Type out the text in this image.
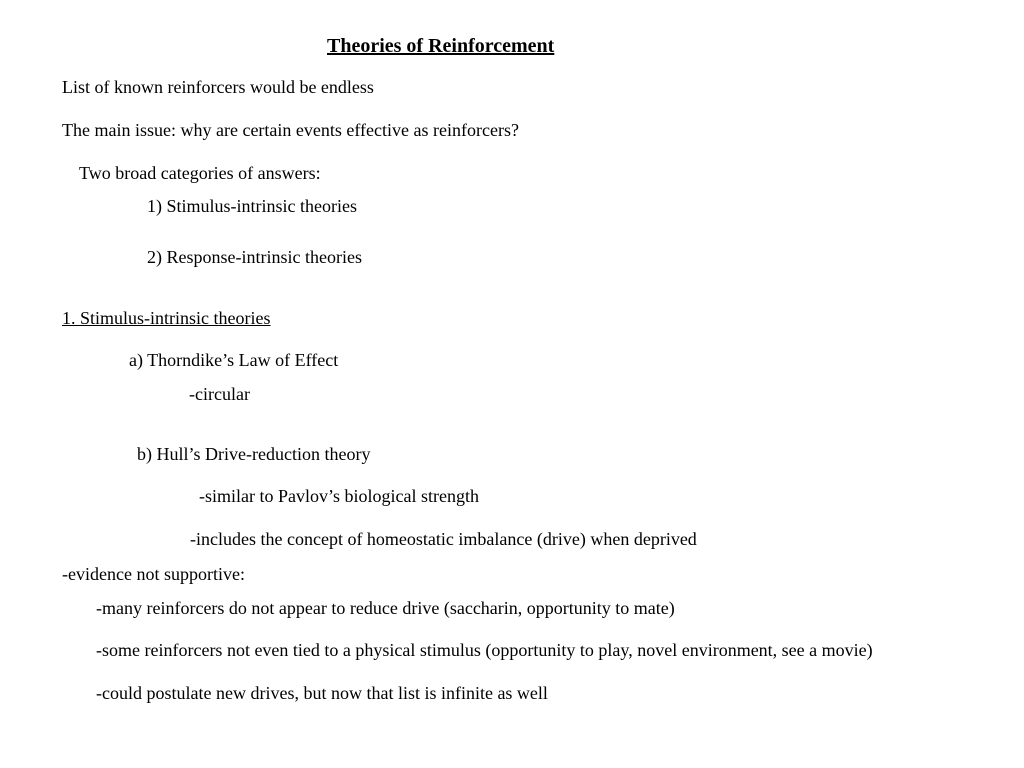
Theories of Reinforcement
List of known reinforcers would be endless
The main issue: why are certain events effective as reinforcers?
Two broad categories of answers:
1) Stimulus-intrinsic theories
2) Response-intrinsic theories
1. Stimulus-intrinsic theories
a) Thorndike’s Law of Effect
-circular
b) Hull’s Drive-reduction theory
-similar to Pavlov’s biological strength
-includes the concept of homeostatic imbalance (drive) when deprived
-evidence not supportive:
-many reinforcers do not appear to reduce drive (saccharin, opportunity to mate)
-some reinforcers not even tied to a physical stimulus (opportunity to play, novel environment, see a movie)
-could postulate new drives, but now that list is infinite as well
